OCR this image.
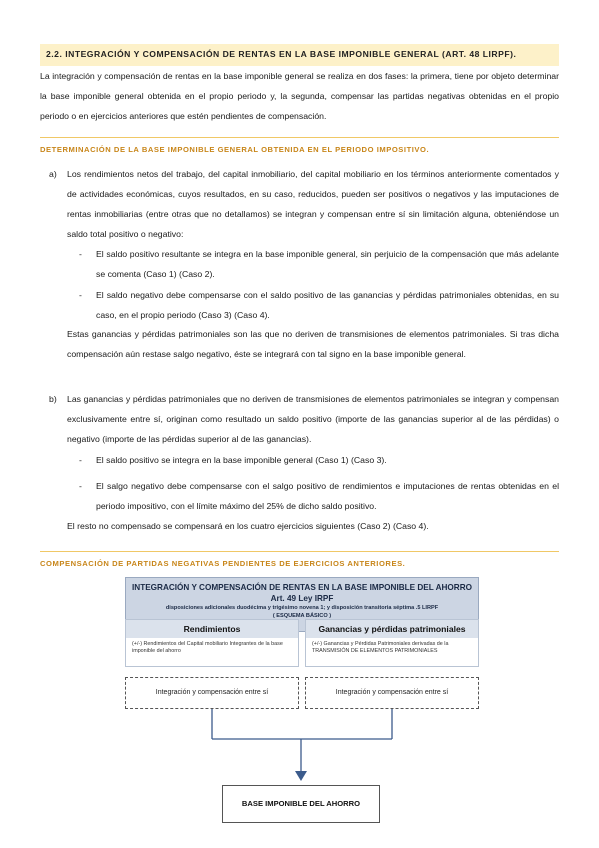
2.2. INTEGRACIÓN Y COMPENSACIÓN DE RENTAS EN LA BASE IMPONIBLE GENERAL (ART. 48 LIRPF).

La integración y compensación de rentas en la base imponible general se realiza en dos fases: la primera, tiene por objeto determinar la base imponible general obtenida en el propio periodo y, la segunda, compensar las partidas negativas obtenidas en el propio periodo o en ejercicios anteriores que estén pendientes de compensación.

DETERMINACIÓN DE LA BASE IMPONIBLE GENERAL OBTENIDA EN EL PERIODO IMPOSITIVO.
a) Los rendimientos netos del trabajo, del capital inmobiliario, del capital mobiliario en los términos anteriormente comentados y de actividades económicas, cuyos resultados, en su caso, reducidos, pueden ser positivos o negativos y las imputaciones de rentas inmobiliarias (entre otras que no detallamos) se integran y compensan entre sí sin limitación alguna, obteniéndose un saldo total positivo o negativo:

- El saldo positivo resultante se integra en la base imponible general, sin perjuicio de la compensación que más adelante se comenta (Caso 1) (Caso 2).

- El saldo negativo debe compensarse con el saldo positivo de las ganancias y pérdidas patrimoniales obtenidas, en su caso, en el propio periodo (Caso 3) (Caso 4).

Estas ganancias y pérdidas patrimoniales son las que no deriven de transmisiones de elementos patrimoniales. Si tras dicha compensación aún restase salgo negativo, éste se integrará con tal signo en la base imponible general.

b) Las ganancias y pérdidas patrimoniales que no deriven de transmisiones de elementos patrimoniales se integran y compensan exclusivamente entre sí, originan como resultado un saldo positivo (importe de las ganancias superior al de las pérdidas) o negativo (importe de las pérdidas superior al de las ganancias).

- El saldo positivo se integra en la base imponible general (Caso 1) (Caso 3).

- El salgo negativo debe compensarse con el salgo positivo de rendimientos e imputaciones de rentas obtenidas en el periodo impositivo, con el límite máximo del 25% de dicho saldo positivo.

El resto no compensado se compensará en los cuatro ejercicios siguientes (Caso 2) (Caso 4).

COMPENSACIÓN DE PARTIDAS NEGATIVAS PENDIENTES DE EJERCICIOS ANTERIORES.
INTEGRACIÓN Y COMPENSACIÓN DE RENTAS EN LA BASE IMPONIBLE DEL AHORRO
Art. 49 Ley IRPF
disposiciones adicionales duodécima y trigésimo novena 1; y disposición transitoria séptima .5 LIRPF
( ESQUEMA BÁSICO )
Rendimientos
(+/-) Rendimientos del Capital mobiliario Integrantes de la base imponible del ahorro
Ganancias y pérdidas patrimoniales
(+/-) Ganancias y Pérdidas Patrimoniales derivadas de la TRANSMISIÓN DE ELEMENTOS PATRIMONIALES
Integración y compensación entre sí	Integración y compensación entre sí
BASE IMPONIBLE DEL AHORRO
